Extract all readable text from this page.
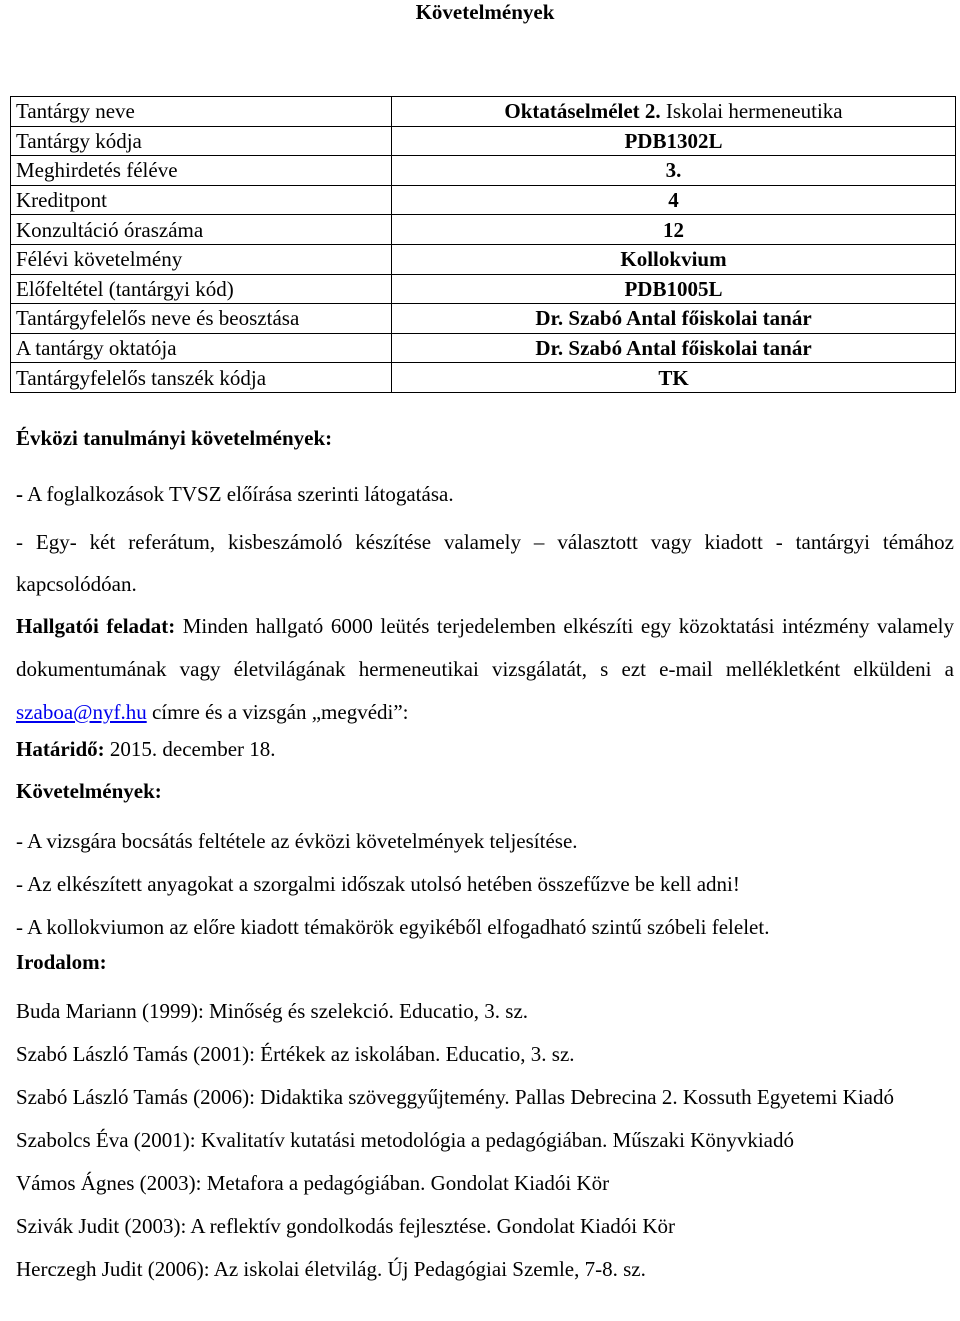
Követelmények
Tantárgy neve	Oktatáselmélet 2. Iskolai hermeneutika
Tantárgy kódja	PDB1302L
Meghirdetés féléve	3.
Kreditpont	4
Konzultáció óraszáma	12
Félévi követelmény	Kollokvium
Előfeltétel (tantárgyi kód)	PDB1005L
Tantárgyfelelős neve és beosztása	Dr. Szabó Antal főiskolai tanár
A tantárgy oktatója	Dr. Szabó Antal főiskolai tanár
Tantárgyfelelős tanszék kódja	TK
Évközi tanulmányi követelmények:
- A foglalkozások TVSZ előírása szerinti látogatása.
- Egy- két referátum, kisbeszámoló készítése valamely – választott vagy kiadott - tantárgyi témához kapcsolódóan.
Hallgatói feladat: Minden hallgató 6000 leütés terjedelemben elkészíti egy közoktatási intézmény valamely dokumentumának vagy életvilágának hermeneutikai vizsgálatát, s ezt e-mail mellékletként elküldeni a szaboa@nyf.hu címre és a vizsgán „megvédi”:
Határidő: 2015. december 18.
Követelmények:
- A vizsgára bocsátás feltétele az évközi követelmények teljesítése.
- Az elkészített anyagokat a szorgalmi időszak utolsó hetében összefűzve be kell adni!
- A kollokviumon az előre kiadott témakörök egyikéből elfogadható szintű szóbeli felelet.
Irodalom:
Buda Mariann (1999): Minőség és szelekció. Educatio, 3. sz.
Szabó László Tamás (2001): Értékek az iskolában. Educatio, 3. sz.
Szabó László Tamás (2006): Didaktika szöveggyűjtemény. Pallas Debrecina 2. Kossuth Egyetemi Kiadó
Szabolcs Éva (2001): Kvalitatív kutatási metodológia a pedagógiában. Műszaki Könyvkiadó
Vámos Ágnes (2003): Metafora a pedagógiában. Gondolat Kiadói Kör
Szivák Judit (2003): A reflektív gondolkodás fejlesztése. Gondolat Kiadói Kör
Herczegh Judit (2006): Az iskolai életvilág. Új Pedagógiai Szemle, 7-8. sz.
